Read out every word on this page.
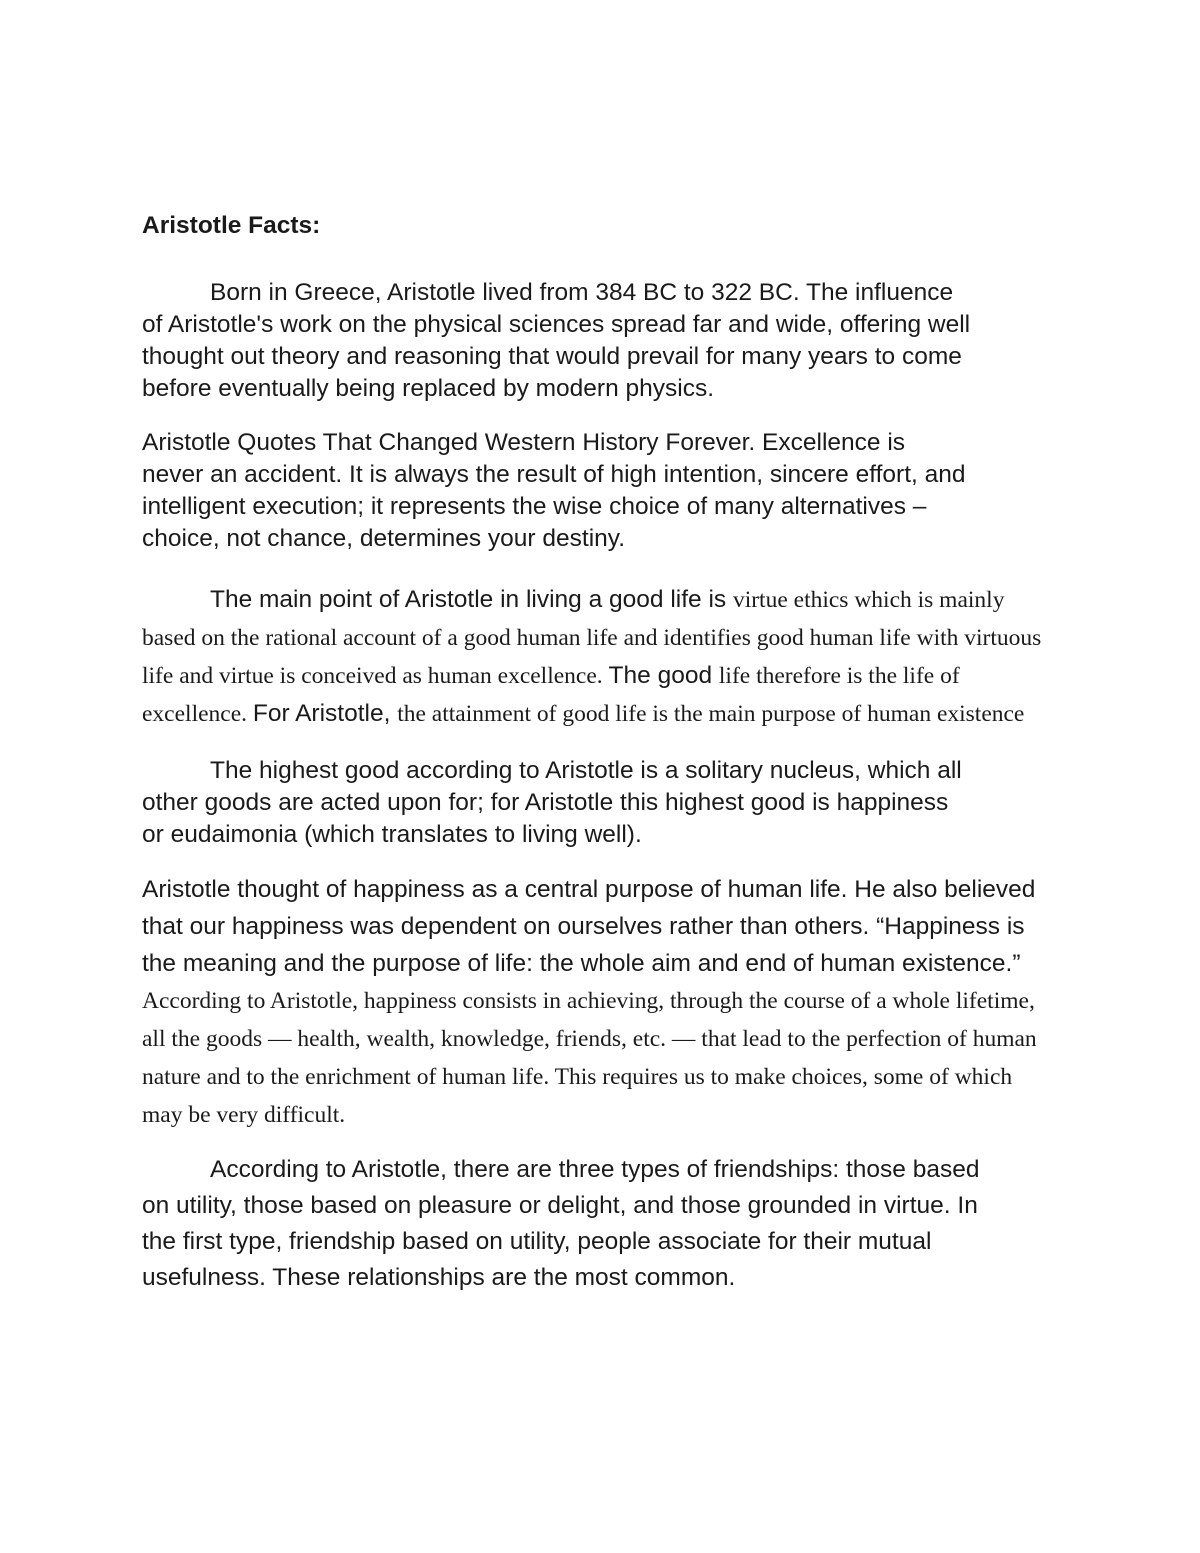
Aristotle Facts:
Born in Greece, Aristotle lived from 384 BC to 322 BC. The influence
of Aristotle's work on the physical sciences spread far and wide, offering well
thought out theory and reasoning that would prevail for many years to come
before eventually being replaced by modern physics.
Aristotle Quotes That Changed Western History Forever. Excellence is
never an accident. It is always the result of high intention, sincere effort, and
intelligent execution; it represents the wise choice of many alternatives –
choice, not chance, determines your destiny.
The main point of Aristotle in living a good life is virtue ethics which is mainly based on the rational account of a good human life and identifies good human life with virtuous life and virtue is conceived as human excellence. The good life therefore is the life of excellence. For Aristotle, the attainment of good life is the main purpose of human existence
The highest good according to Aristotle is a solitary nucleus, which all
other goods are acted upon for; for Aristotle this highest good is happiness
or eudaimonia (which translates to living well).
Aristotle thought of happiness as a central purpose of human life. He also believed that our happiness was dependent on ourselves rather than others. “Happiness is the meaning and the purpose of life: the whole aim and end of human existence.” According to Aristotle, happiness consists in achieving, through the course of a whole lifetime, all the goods — health, wealth, knowledge, friends, etc. — that lead to the perfection of human nature and to the enrichment of human life. This requires us to make choices, some of which may be very difficult.
According to Aristotle, there are three types of friendships: those based
on utility, those based on pleasure or delight, and those grounded in virtue. In
the first type, friendship based on utility, people associate for their mutual
usefulness. These relationships are the most common.
